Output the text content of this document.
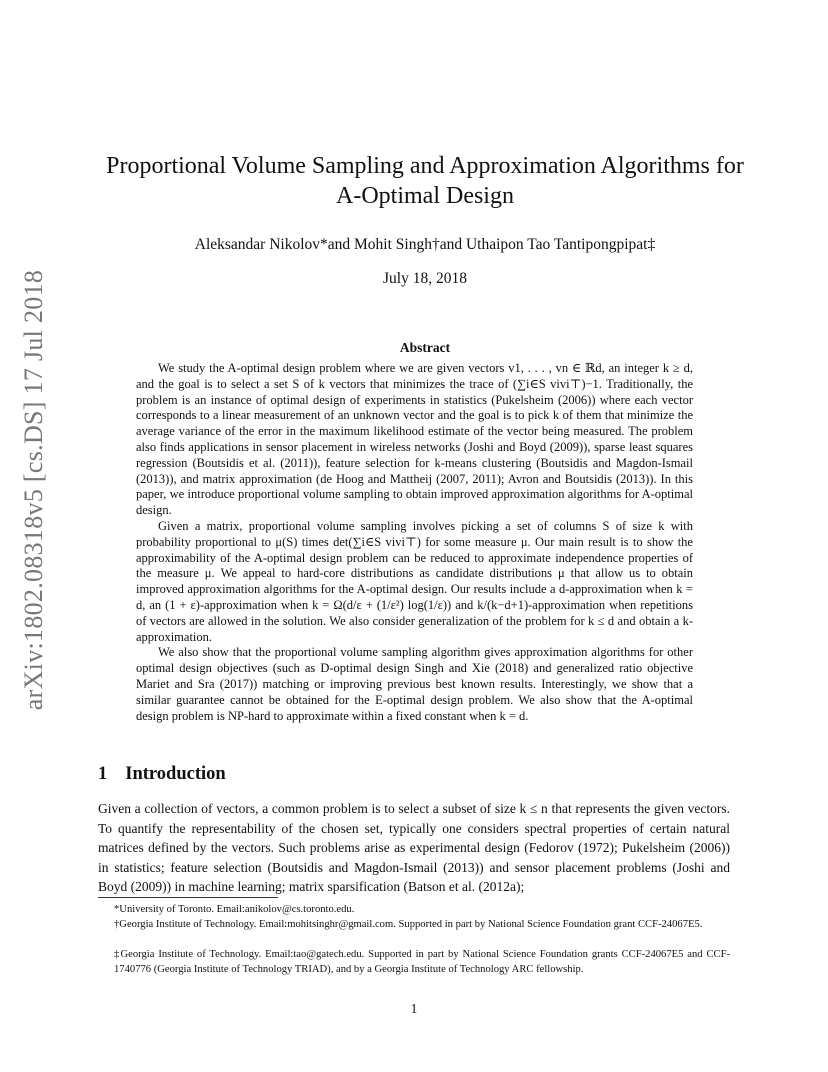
arXiv:1802.08318v5 [cs.DS] 17 Jul 2018
Proportional Volume Sampling and Approximation Algorithms for
A-Optimal Design
Aleksandar Nikolov*and Mohit Singh†and Uthaipon Tao Tantipongpipat‡
July 18, 2018
Abstract

We study the A-optimal design problem where we are given vectors v1, . . . , vn ∈ ℝd, an integer k ≥ d, and the goal is to select a set S of k vectors that minimizes the trace of (∑i∈S vivi⊤)−1. Traditionally, the problem is an instance of optimal design of experiments in statistics (Pukelsheim (2006)) where each vector corresponds to a linear measurement of an unknown vector and the goal is to pick k of them that minimize the average variance of the error in the maximum likelihood estimate of the vector being measured. The problem also finds applications in sensor placement in wireless networks (Joshi and Boyd (2009)), sparse least squares regression (Boutsidis et al. (2011)), feature selection for k-means clustering (Boutsidis and Magdon-Ismail (2013)), and matrix approximation (de Hoog and Mattheij (2007, 2011); Avron and Boutsidis (2013)). In this paper, we introduce proportional volume sampling to obtain improved approximation algorithms for A-optimal design.

Given a matrix, proportional volume sampling involves picking a set of columns S of size k with probability proportional to μ(S) times det(∑i∈S vivi⊤) for some measure μ. Our main result is to show the approximability of the A-optimal design problem can be reduced to approximate independence properties of the measure μ. We appeal to hard-core distributions as candidate distributions μ that allow us to obtain improved approximation algorithms for the A-optimal design. Our results include a d-approximation when k = d, an (1 + ε)-approximation when k = Ω(d/ε + (1/ε²) log(1/ε)) and k/(k−d+1)-approximation when repetitions of vectors are allowed in the solution. We also consider generalization of the problem for k ≤ d and obtain a k-approximation.

We also show that the proportional volume sampling algorithm gives approximation algorithms for other optimal design objectives (such as D-optimal design Singh and Xie (2018) and generalized ratio objective Mariet and Sra (2017)) matching or improving previous best known results. Interestingly, we show that a similar guarantee cannot be obtained for the E-optimal design problem. We also show that the A-optimal design problem is NP-hard to approximate within a fixed constant when k = d.

1 Introduction

Given a collection of vectors, a common problem is to select a subset of size k ≤ n that represents the given vectors. To quantify the representability of the chosen set, typically one considers spectral properties of certain natural matrices defined by the vectors. Such problems arise as experimental design (Fedorov (1972); Pukelsheim (2006)) in statistics; feature selection (Boutsidis and Magdon-Ismail (2013)) and sensor placement problems (Joshi and Boyd (2009)) in machine learning; matrix sparsification (Batson et al. (2012a);

*University of Toronto. Email:anikolov@cs.toronto.edu.
†Georgia Institute of Technology. Email:mohitsinghr@gmail.com. Supported in part by National Science Foundation grant CCF-24067E5.
‡Georgia Institute of Technology. Email:tao@gatech.edu. Supported in part by National Science Foundation grants CCF-24067E5 and CCF-1740776 (Georgia Institute of Technology TRIAD), and by a Georgia Institute of Technology ARC fellowship.
1
